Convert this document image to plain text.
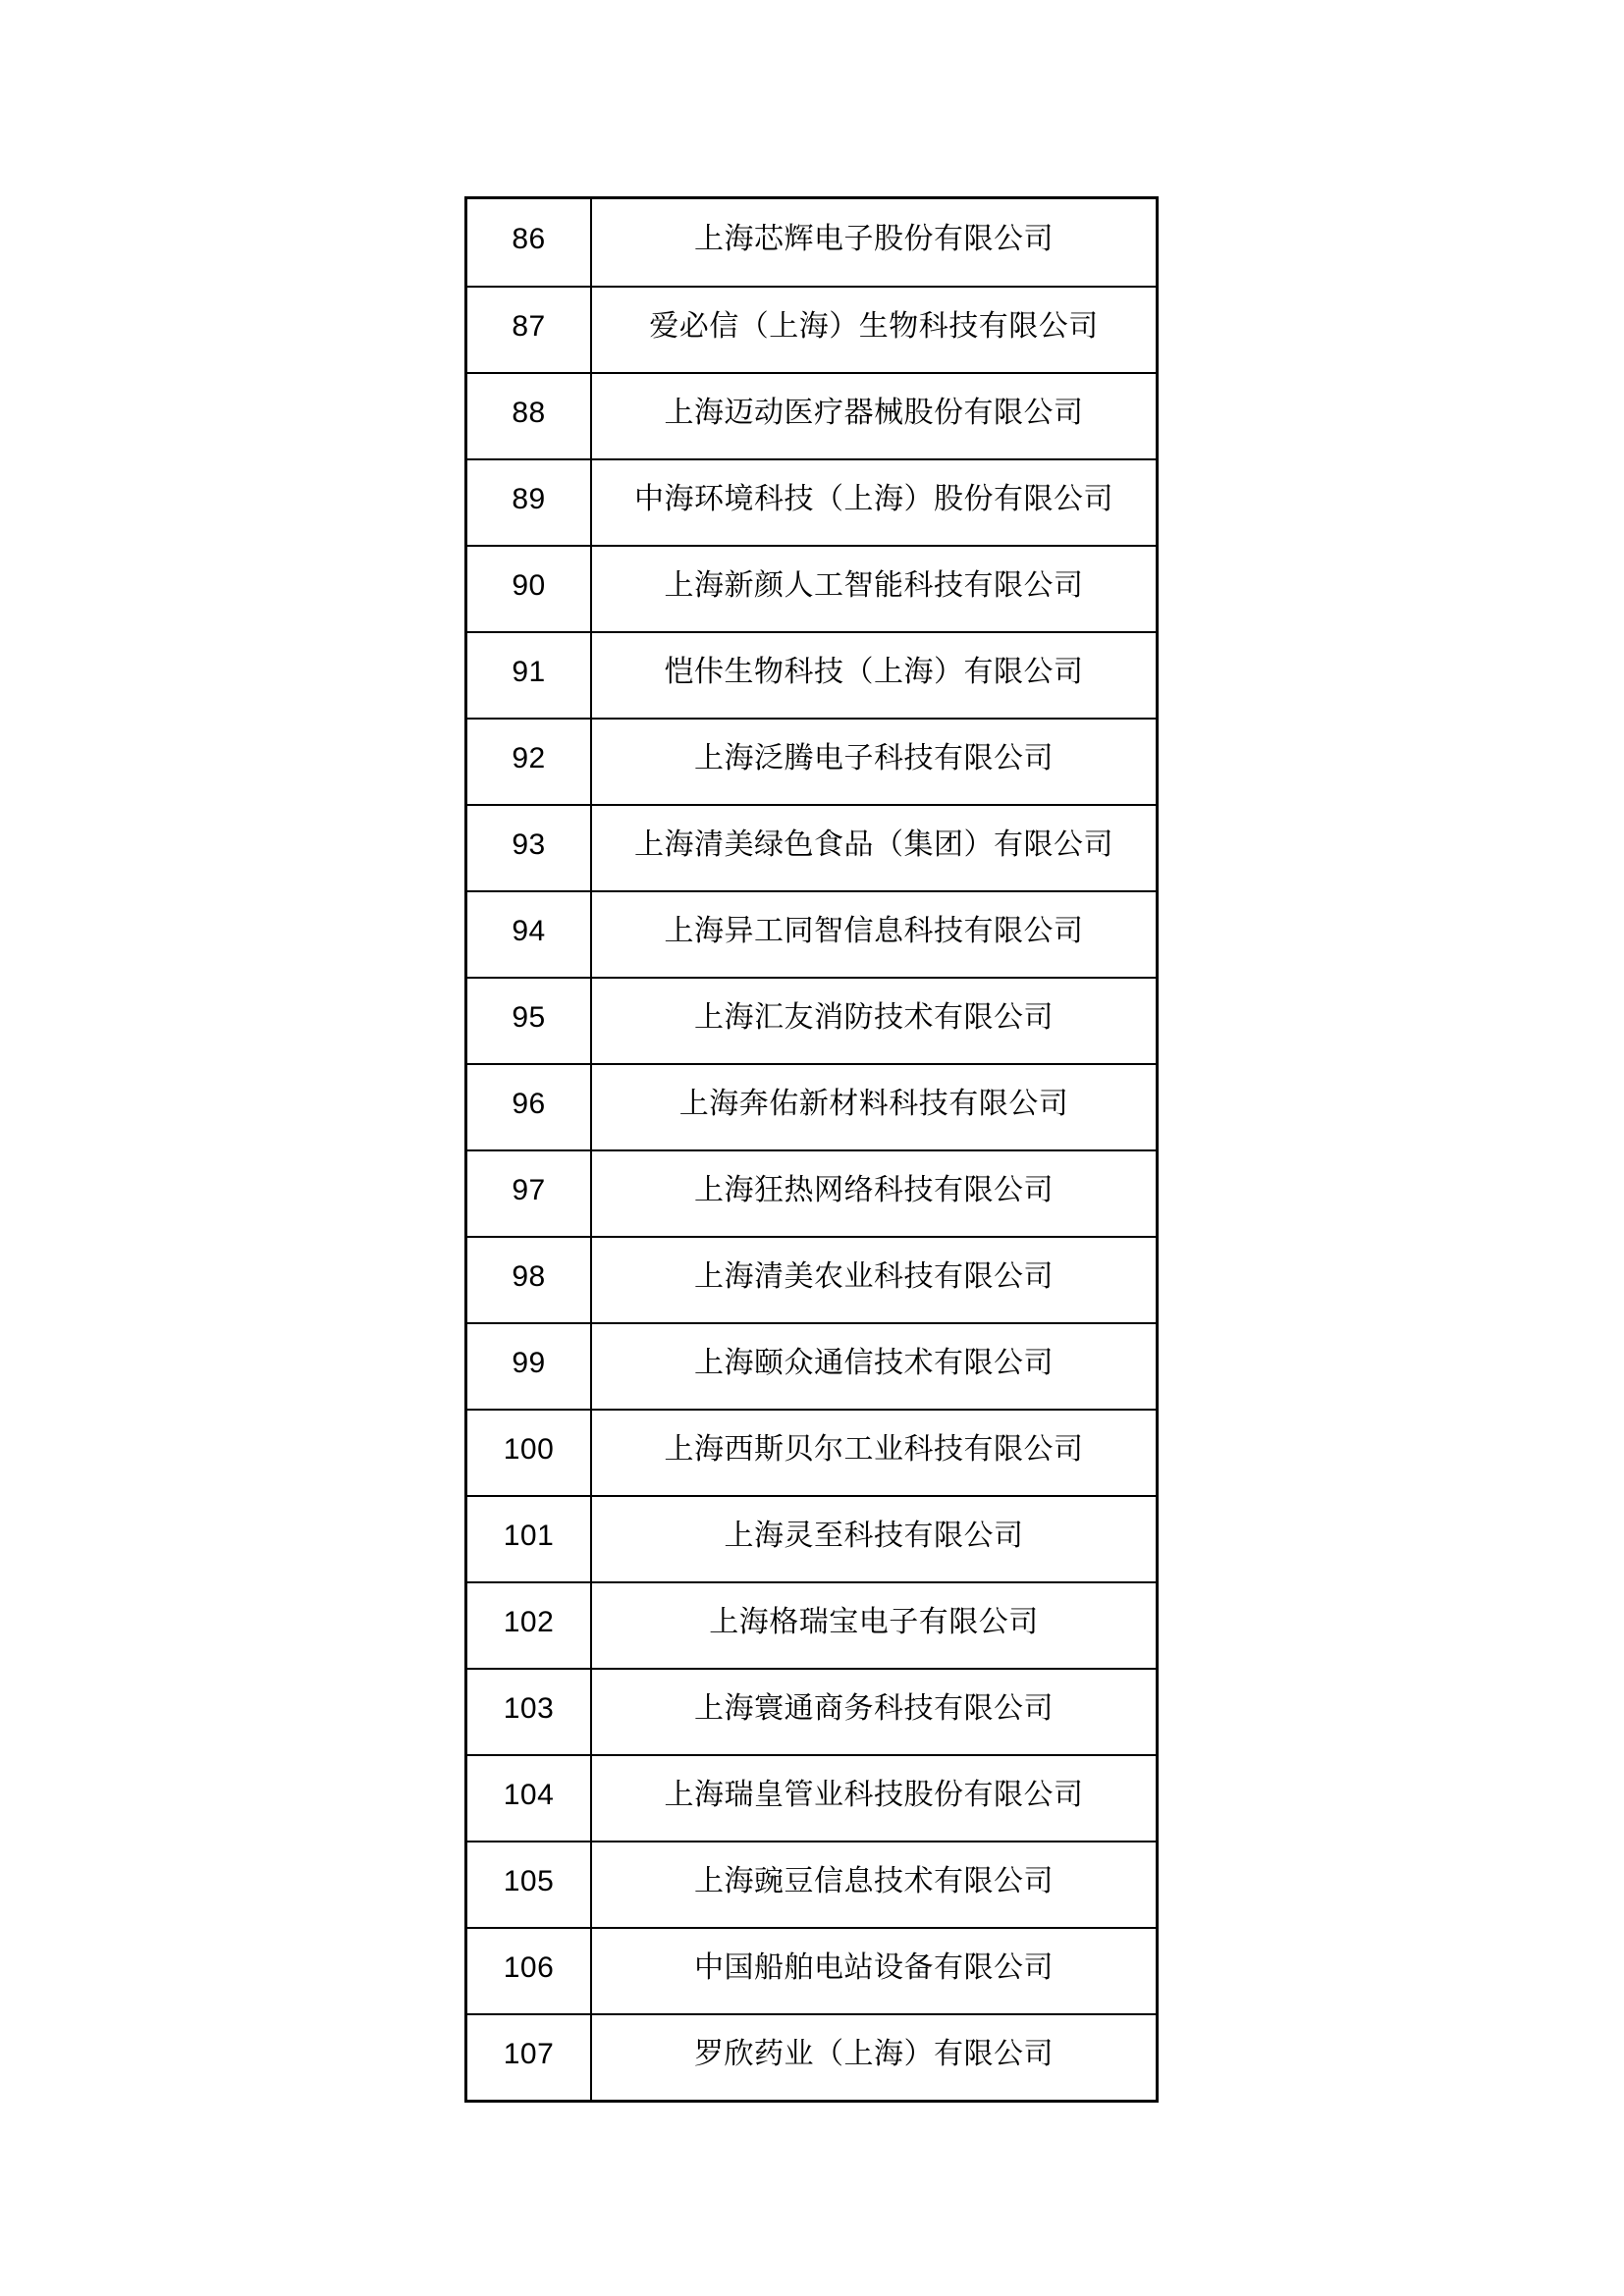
86	上海芯辉电子股份有限公司
87	爱必信（上海）生物科技有限公司
88	上海迈动医疗器械股份有限公司
89	中海环境科技（上海）股份有限公司
90	上海新颜人工智能科技有限公司
91	恺佧生物科技（上海）有限公司
92	上海泛腾电子科技有限公司
93	上海清美绿色食品（集团）有限公司
94	上海异工同智信息科技有限公司
95	上海汇友消防技术有限公司
96	上海奔佑新材料科技有限公司
97	上海狂热网络科技有限公司
98	上海清美农业科技有限公司
99	上海颐众通信技术有限公司
100	上海西斯贝尔工业科技有限公司
101	上海灵至科技有限公司
102	上海格瑞宝电子有限公司
103	上海寰通商务科技有限公司
104	上海瑞皇管业科技股份有限公司
105	上海豌豆信息技术有限公司
106	中国船舶电站设备有限公司
107	罗欣药业（上海）有限公司
